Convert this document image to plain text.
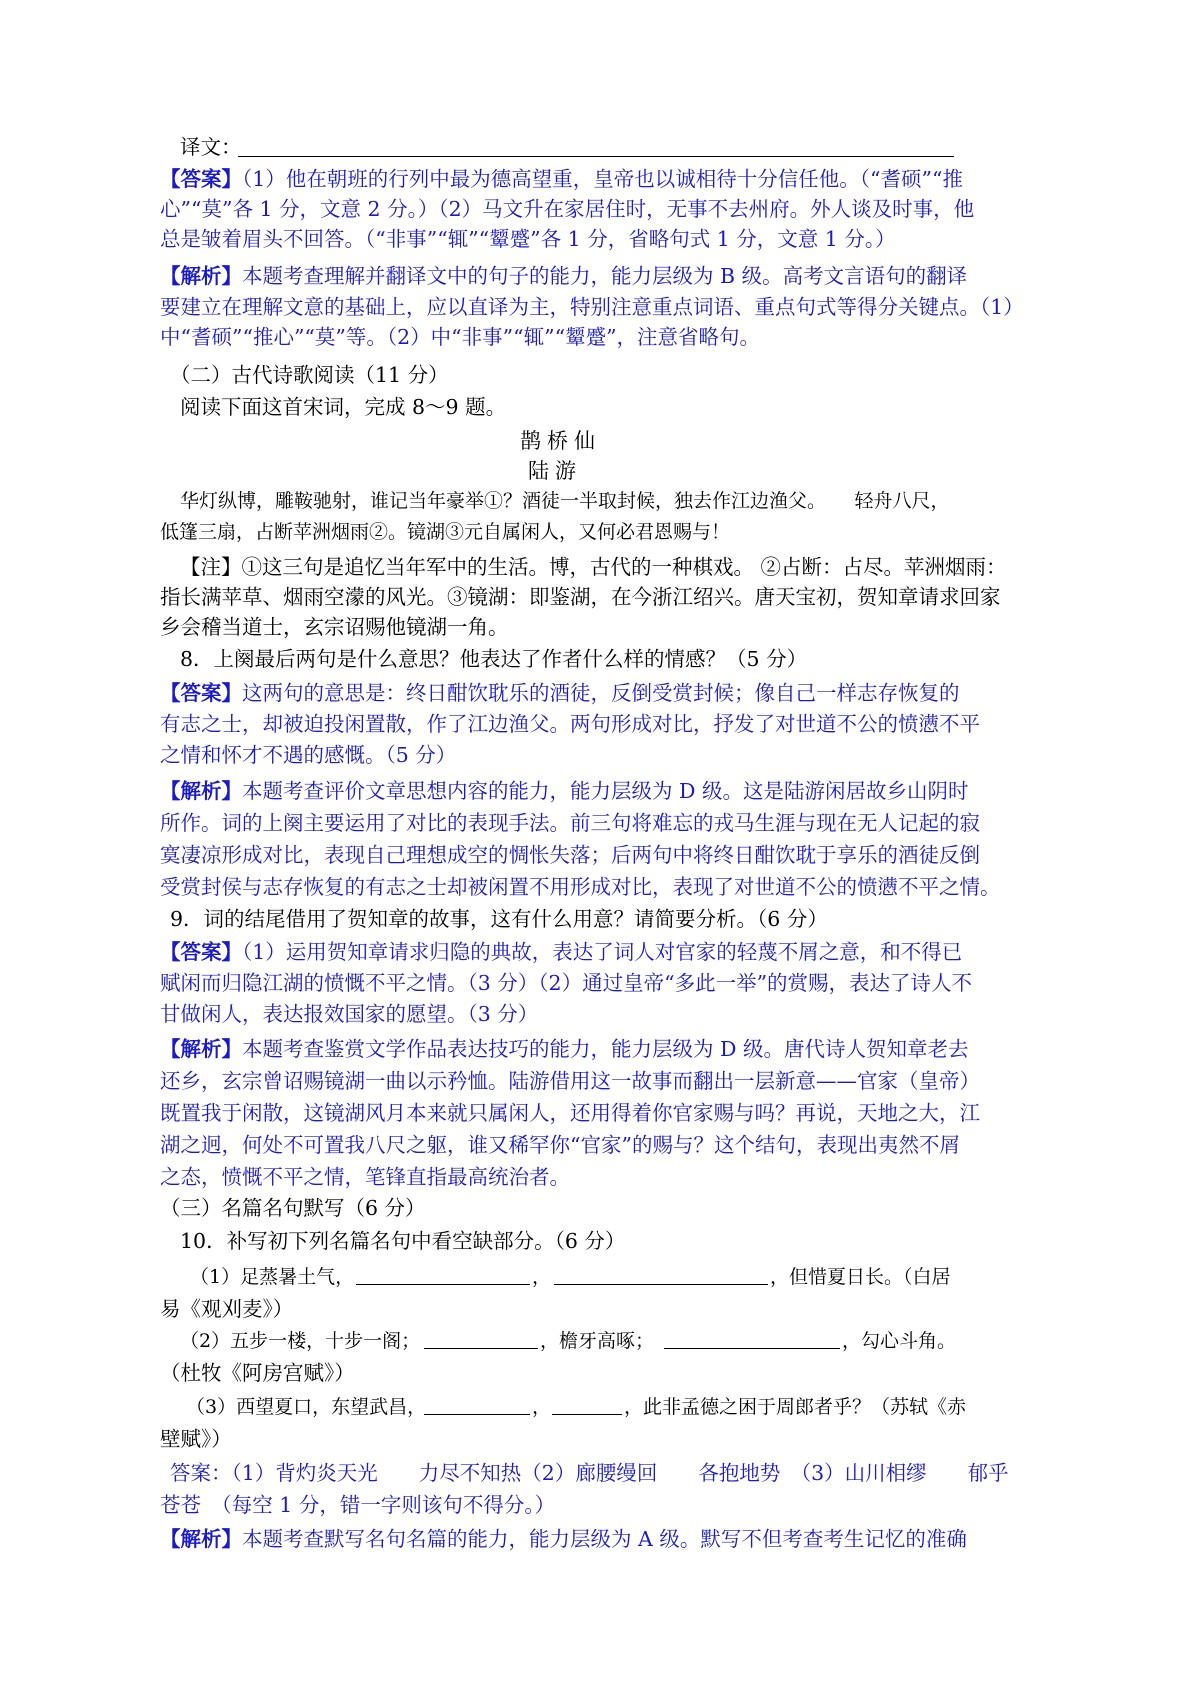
译文：
【答案】（1）他在朝班的行列中最为德高望重，皇帝也以诚相待十分信任他。（“耆硕”“推
心”“莫”各 1 分，文意 2 分。）（2）马文升在家居住时，无事不去州府。外人谈及时事，他
总是皱着眉头不回答。（“非事”“辄”“颦蹙”各 1 分，省略句式 1 分，文意 1 分。）
【解析】本题考查理解并翻译文中的句子的能力，能力层级为 B 级。高考文言语句的翻译
要建立在理解文意的基础上，应以直译为主，特别注意重点词语、重点句式等得分关键点。（1）
中“耆硕”“推心”“莫”等。（2）中“非事”“辄”“颦蹙”，注意省略句。
（二）古代诗歌阅读（11 分）
阅读下面这首宋词，完成 8～9 题。
鹊桥仙
陆游
华灯纵博，雕鞍驰射，谁记当年豪举①？酒徒一半取封候，独去作江边渔父。　　轻舟八尺，
低篷三扇，占断苹洲烟雨②。镜湖③元自属闲人，又何必君恩赐与！
【注】①这三句是追忆当年军中的生活。博，古代的一种棋戏。 ②占断：占尽。苹洲烟雨：
指长满苹草、烟雨空濛的风光。③镜湖：即鉴湖，在今浙江绍兴。唐天宝初，贺知章请求回家
乡会稽当道士，玄宗诏赐他镜湖一角。
8．上阕最后两句是什么意思？他表达了作者什么样的情感？（5 分）
【答案】这两句的意思是：终日酣饮耽乐的酒徒，反倒受赏封候；像自己一样志存恢复的
有志之士，却被迫投闲置散，作了江边渔父。两句形成对比，抒发了对世道不公的愤懑不平
之情和怀才不遇的感慨。（5 分）
【解析】本题考查评价文章思想内容的能力，能力层级为 D 级。这是陆游闲居故乡山阴时
所作。词的上阕主要运用了对比的表现手法。前三句将难忘的戎马生涯与现在无人记起的寂
寞凄凉形成对比，表现自己理想成空的惆怅失落；后两句中将终日酣饮耽于享乐的酒徒反倒
受赏封侯与志存恢复的有志之士却被闲置不用形成对比，表现了对世道不公的愤懑不平之情。
9．词的结尾借用了贺知章的故事，这有什么用意？请简要分析。（6 分）
【答案】（1）运用贺知章请求归隐的典故，表达了词人对官家的轻蔑不屑之意，和不得已
赋闲而归隐江湖的愤慨不平之情。（3 分）（2）通过皇帝“多此一举”的赏赐，表达了诗人不
甘做闲人，表达报效国家的愿望。（3 分）
【解析】本题考查鉴赏文学作品表达技巧的能力，能力层级为 D 级。唐代诗人贺知章老去
还乡，玄宗曾诏赐镜湖一曲以示矜恤。陆游借用这一故事而翻出一层新意——官家（皇帝）
既置我于闲散，这镜湖风月本来就只属闲人，还用得着你官家赐与吗？再说，天地之大，江
湖之迥，何处不可置我八尺之躯，谁又稀罕你“官家”的赐与？这个结句，表现出夷然不屑
之态，愤慨不平之情，笔锋直指最高统治者。
（三）名篇名句默写（6 分）
10．补写初下列名篇名句中看空缺部分。（6 分）
（1）足蒸暑土气，	，	，但惜夏日长。（白居
易《观刈麦》）
（2）五步一楼，十步一阁；	，檐牙高啄；	，勾心斗角。
（杜牧《阿房宫赋》）
（3）西望夏口，东望武昌，	，	，此非孟德之困于周郎者乎？（苏轼《赤
壁赋》）
答案：（1）背灼炎天光　　力尽不知热（2）廊腰缦回　　各抱地势　（3）山川相缪　　郁乎
苍苍　（每空 1 分，错一字则该句不得分。）
【解析】本题考查默写名句名篇的能力，能力层级为 A 级。默写不但考查考生记忆的准确
